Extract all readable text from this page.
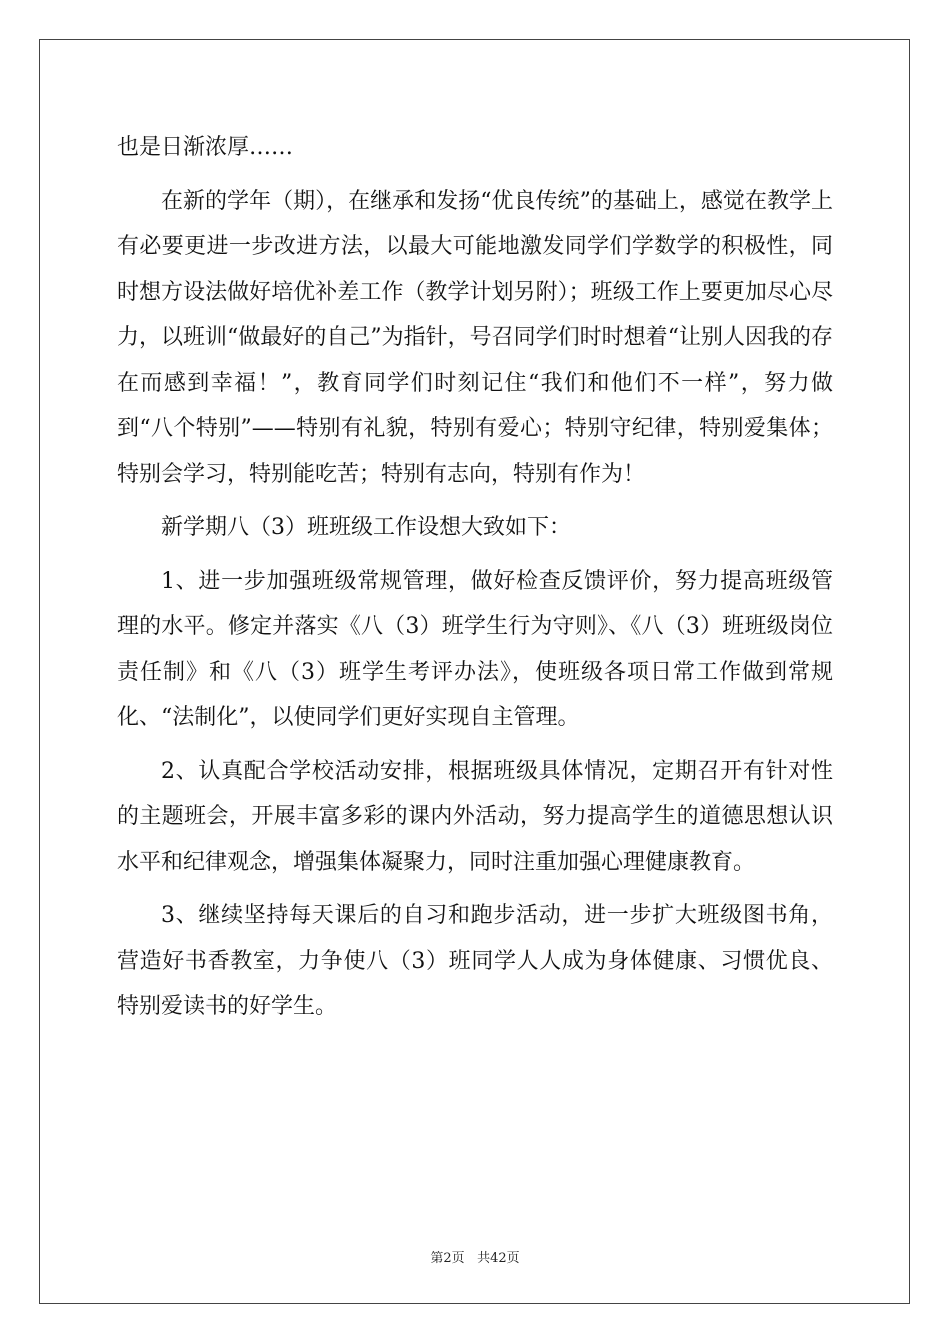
也是日渐浓厚……

在新的学年（期），在继承和发扬“优良传统”的基础上，感觉在教学上有必要更进一步改进方法，以最大可能地激发同学们学数学的积极性，同时想方设法做好培优补差工作（教学计划另附）；班级工作上要更加尽心尽力，以班训“做最好的自己”为指针，号召同学们时时想着“让别人因我的存在而感到幸福！”，教育同学们时刻记住“我们和他们不一样”，努力做到“八个特别”——特别有礼貌，特别有爱心；特别守纪律，特别爱集体；特别会学习，特别能吃苦；特别有志向，特别有作为！

新学期八（3）班班级工作设想大致如下：

1、进一步加强班级常规管理，做好检查反馈评价，努力提高班级管理的水平。修定并落实《八（3）班学生行为守则》、《八（3）班班级岗位责任制》和《八（3）班学生考评办法》，使班级各项日常工作做到常规化、“法制化”，以使同学们更好实现自主管理。

2、认真配合学校活动安排，根据班级具体情况，定期召开有针对性的主题班会，开展丰富多彩的课内外活动，努力提高学生的道德思想认识水平和纪律观念，增强集体凝聚力，同时注重加强心理健康教育。

3、继续坚持每天课后的自习和跑步活动，进一步扩大班级图书角，营造好书香教室，力争使八（3）班同学人人成为身体健康、习惯优良、特别爱读书的好学生。

第2页 共42页
